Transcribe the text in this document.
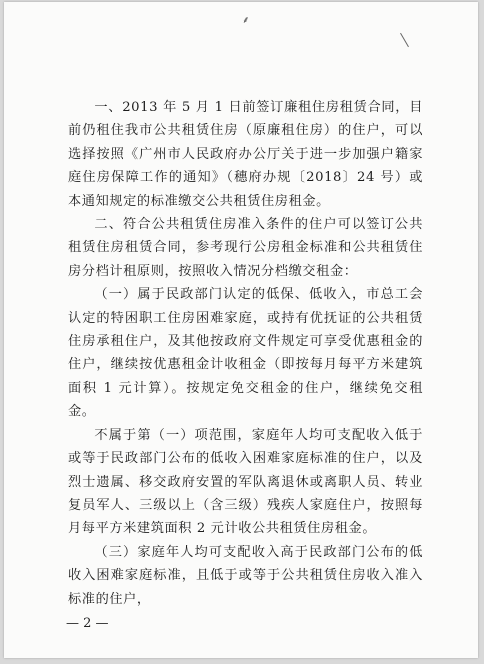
⸙

一、2013 年 5 月 1 日前签订廉租住房租赁合同，目前仍租住我市公共租赁住房（原廉租住房）的住户，可以选择按照《广州市人民政府办公厅关于进一步加强户籍家庭住房保障工作的通知》（穗府办规〔2018〕24 号）或本通知规定的标准缴交公共租赁住房租金。

二、符合公共租赁住房准入条件的住户可以签订公共租赁住房租赁合同，参考现行公房租金标准和公共租赁住房分档计租原则，按照收入情况分档缴交租金：

（一）属于民政部门认定的低保、低收入，市总工会认定的特困职工住房困难家庭，或持有优抚证的公共租赁住房承租住户，及其他按政府文件规定可享受优惠租金的住户，继续按优惠租金计收租金（即按每月每平方米建筑面积 1 元计算）。按规定免交租金的住户，继续免交租金。

不属于第（一）项范围，家庭年人均可支配收入低于或等于民政部门公布的低收入困难家庭标准的住户，以及烈士遗属、移交政府安置的军队离退休或离职人员、转业复员军人、三级以上（含三级）残疾人家庭住户，按照每月每平方米建筑面积 2 元计收公共租赁住房租金。

（三）家庭年人均可支配收入高于民政部门公布的低收入困难家庭标准，且低于或等于公共租赁住房收入准入标准的住户，

— 2 —
